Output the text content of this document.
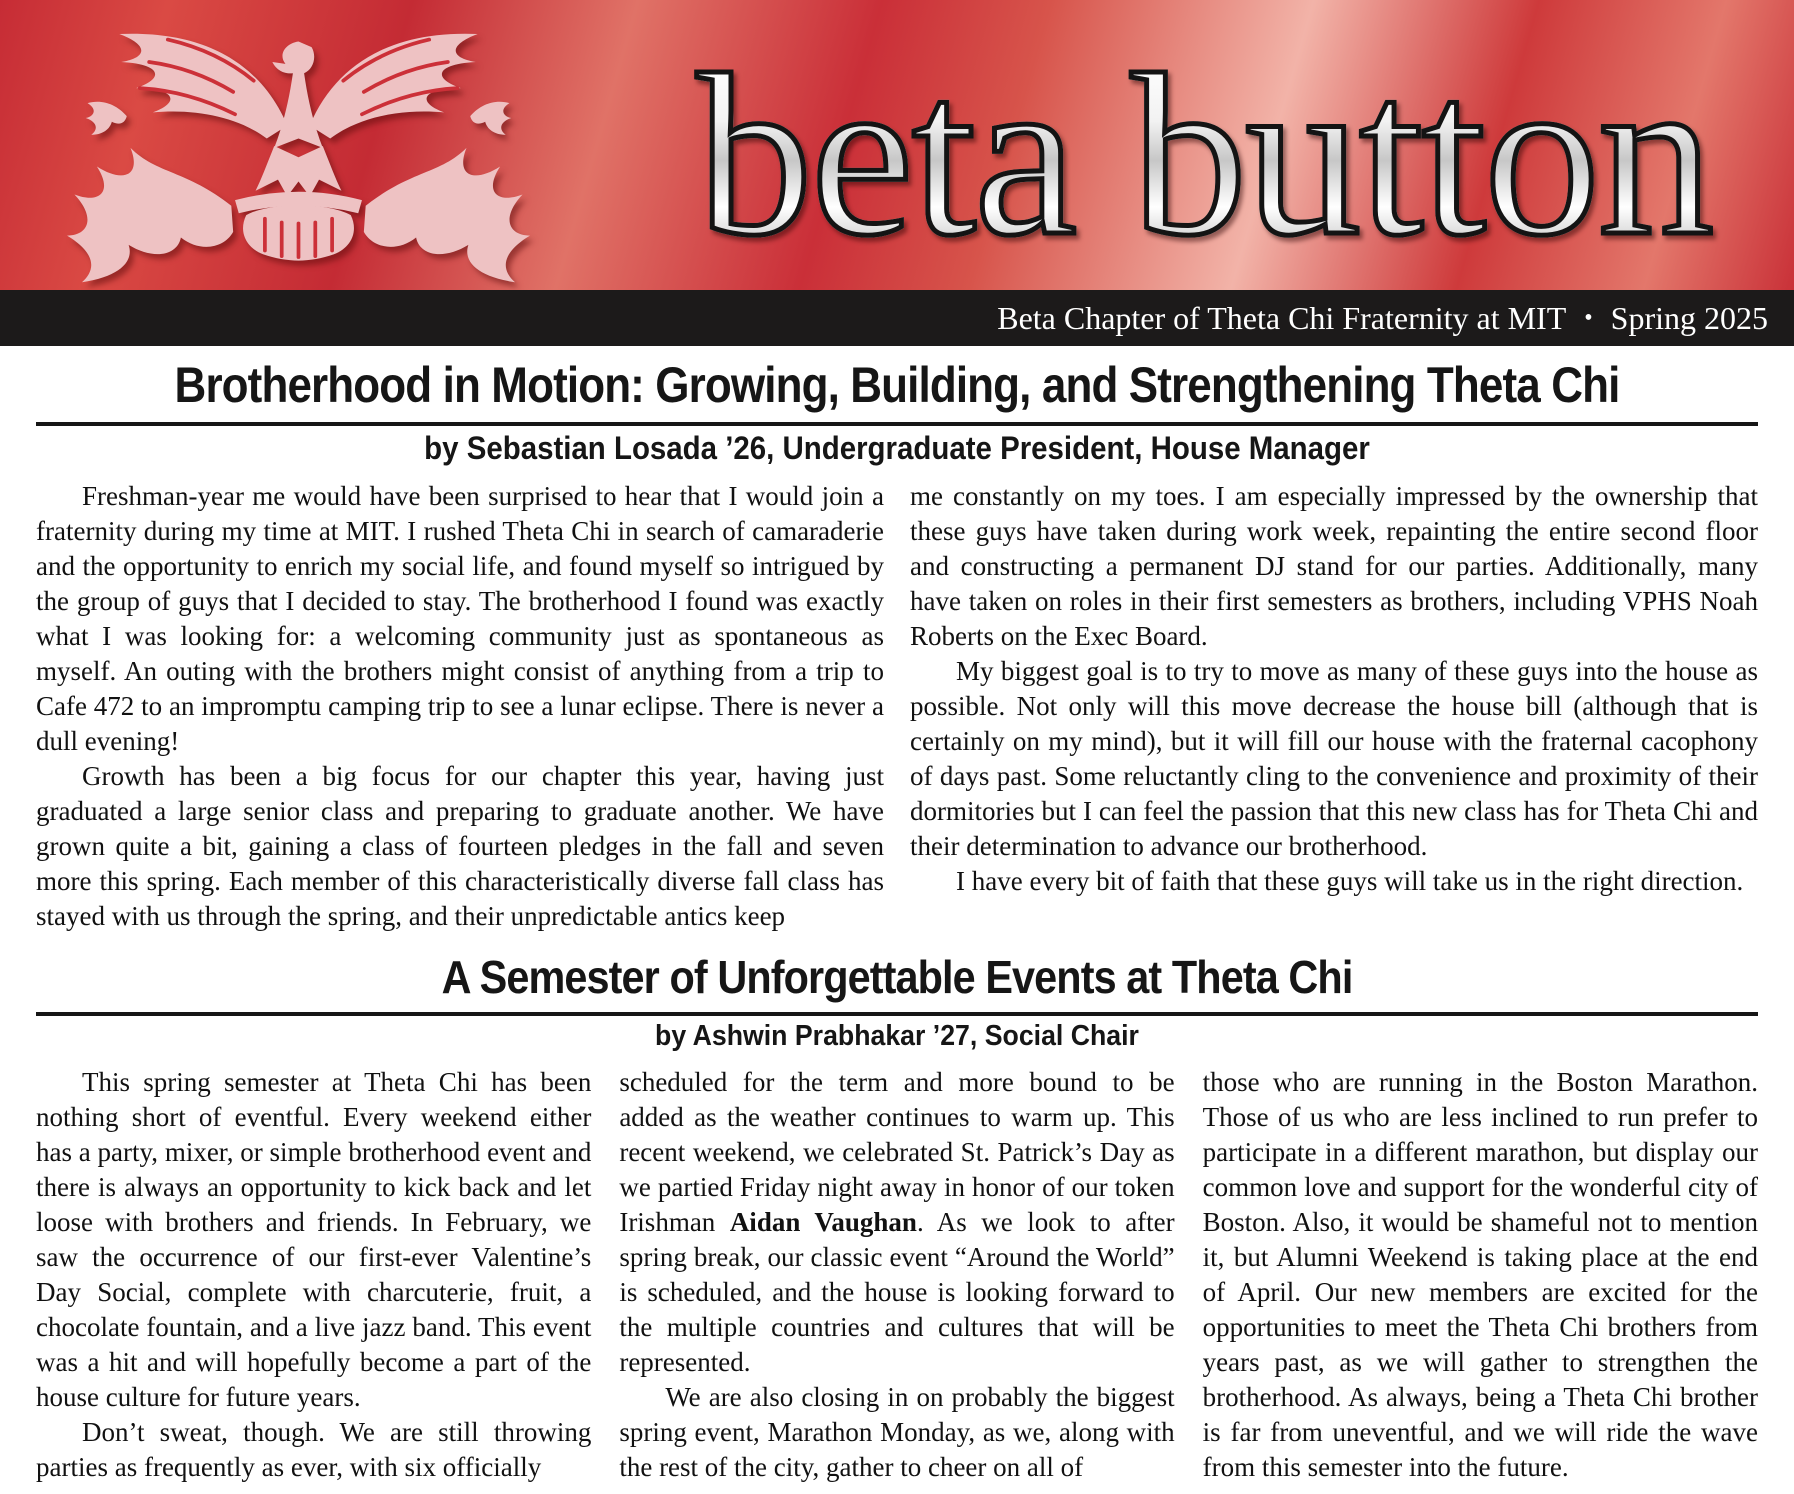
beta button
Beta Chapter of Theta Chi Fraternity at MIT • Spring 2025
Brotherhood in Motion: Growing, Building, and Strengthening Theta Chi
by Sebastian Losada ’26, Undergraduate President, House Manager

Freshman-year me would have been surprised to hear that I would join a fraternity during my time at MIT. I rushed Theta Chi in search of camaraderie and the opportunity to enrich my social life, and found myself so intrigued by the group of guys that I decided to stay. The brotherhood I found was exactly what I was looking for: a welcoming community just as spontaneous as myself. An outing with the brothers might consist of anything from a trip to Cafe 472 to an impromptu camping trip to see a lunar eclipse. There is never a dull evening!

Growth has been a big focus for our chapter this year, having just graduated a large senior class and preparing to graduate another. We have grown quite a bit, gaining a class of fourteen pledges in the fall and seven more this spring. Each member of this characteristically diverse fall class has stayed with us through the spring, and their unpredictable antics keep

me constantly on my toes. I am especially impressed by the ownership that these guys have taken during work week, repainting the entire second floor and constructing a permanent DJ stand for our parties. Additionally, many have taken on roles in their first semesters as brothers, including VPHS Noah Roberts on the Exec Board.

My biggest goal is to try to move as many of these guys into the house as possible. Not only will this move decrease the house bill (although that is certainly on my mind), but it will fill our house with the fraternal cacophony of days past. Some reluctantly cling to the convenience and proximity of their dormitories but I can feel the passion that this new class has for Theta Chi and their determination to advance our brotherhood.

I have every bit of faith that these guys will take us in the right direction.

A Semester of Unforgettable Events at Theta Chi
by Ashwin Prabhakar ’27, Social Chair

This spring semester at Theta Chi has been nothing short of eventful. Every weekend either has a party, mixer, or simple brotherhood event and there is always an opportunity to kick back and let loose with brothers and friends. In February, we saw the occurrence of our first-ever Valentine’s Day Social, complete with charcuterie, fruit, a chocolate fountain, and a live jazz band. This event was a hit and will hopefully become a part of the house culture for future years.

Don’t sweat, though. We are still throwing parties as frequently as ever, with six officially

scheduled for the term and more bound to be added as the weather continues to warm up. This recent weekend, we celebrated St. Patrick’s Day as we partied Friday night away in honor of our token Irishman Aidan Vaughan. As we look to after spring break, our classic event “Around the World” is scheduled, and the house is looking forward to the multiple countries and cultures that will be represented.

We are also closing in on probably the biggest spring event, Marathon Monday, as we, along with the rest of the city, gather to cheer on all of

those who are running in the Boston Marathon. Those of us who are less inclined to run prefer to participate in a different marathon, but display our common love and support for the wonderful city of Boston. Also, it would be shameful not to mention it, but Alumni Weekend is taking place at the end of April. Our new members are excited for the opportunities to meet the Theta Chi brothers from years past, as we will gather to strengthen the brotherhood. As always, being a Theta Chi brother is far from uneventful, and we will ride the wave from this semester into the future.
